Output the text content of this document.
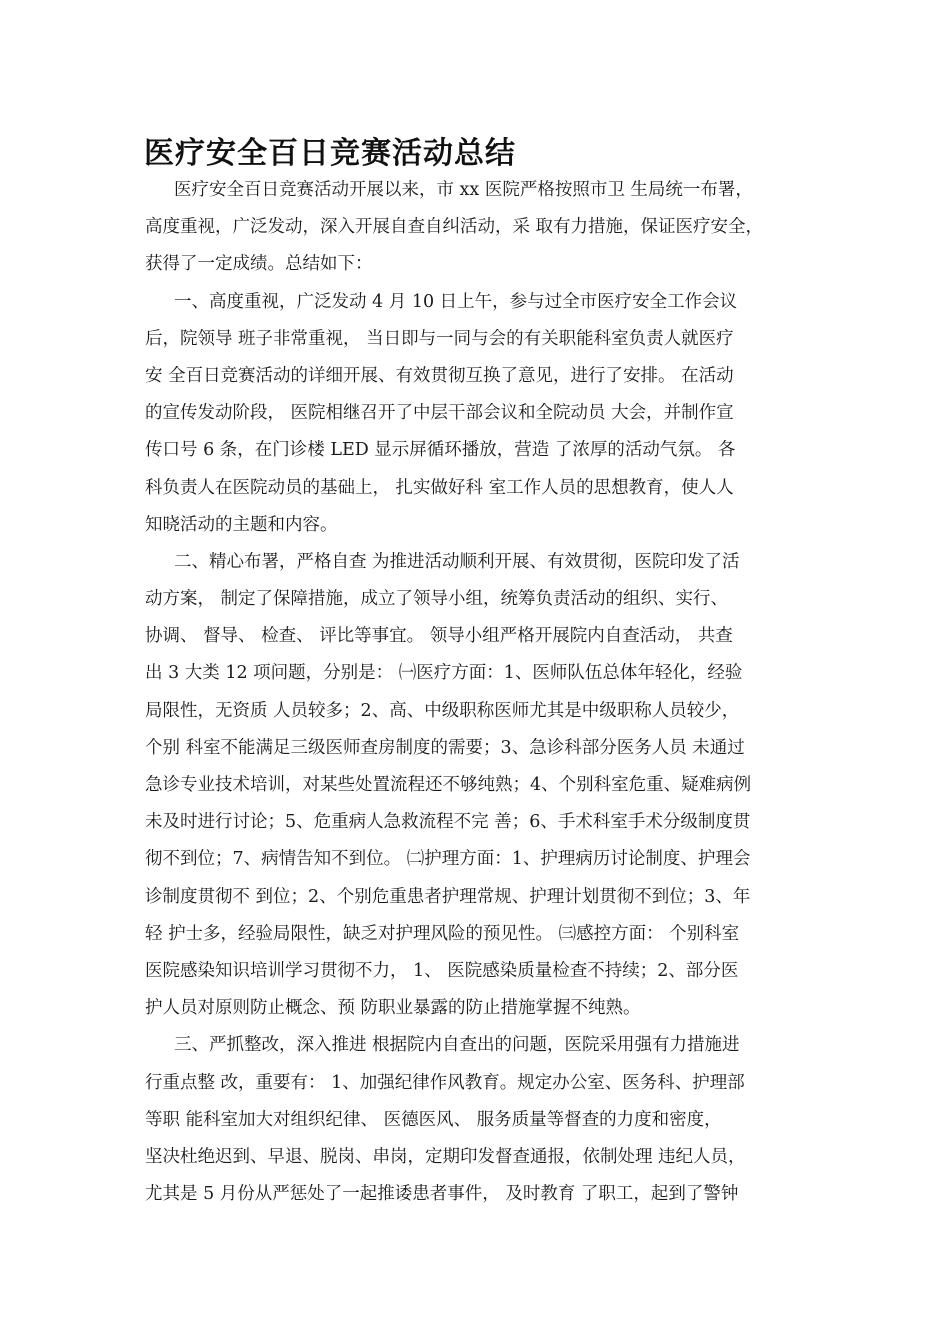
医疗安全百日竞赛活动总结
医疗安全百日竞赛活动开展以来，市 xx 医院严格按照市卫 生局统一布署，
高度重视，广泛发动，深入开展自查自纠活动，采 取有力措施，保证医疗安全，
获得了一定成绩。总结如下：
一、高度重视，广泛发动 4 月 10 日上午，参与过全市医疗安全工作会议
后，院领导 班子非常重视， 当日即与一同与会的有关职能科室负责人就医疗
安 全百日竞赛活动的详细开展、有效贯彻互换了意见，进行了安排。 在活动
的宣传发动阶段， 医院相继召开了中层干部会议和全院动员 大会，并制作宣
传口号 6 条，在门诊楼 LED 显示屏循环播放，营造 了浓厚的活动气氛。 各
科负责人在医院动员的基础上， 扎实做好科 室工作人员的思想教育，使人人
知晓活动的主题和内容。
二、精心布署，严格自查 为推进活动顺利开展、有效贯彻，医院印发了活
动方案， 制定了保障措施，成立了领导小组，统筹负责活动的组织、实行、
协调、 督导、 检查、 评比等事宜。 领导小组严格开展院内自查活动， 共查
出 3 大类 12 项问题，分别是： ㈠医疗方面：1、医师队伍总体年轻化，经验
局限性，无资质 人员较多；2、高、中级职称医师尤其是中级职称人员较少，
个别 科室不能满足三级医师查房制度的需要；3、急诊科部分医务人员 未通过
急诊专业技术培训，对某些处置流程还不够纯熟；4、个别科室危重、疑难病例
未及时进行讨论；5、危重病人急救流程不完 善；6、手术科室手术分级制度贯
彻不到位；7、病情告知不到位。 ㈡护理方面：1、护理病历讨论制度、护理会
诊制度贯彻不 到位；2、个别危重患者护理常规、护理计划贯彻不到位；3、年
轻 护士多，经验局限性，缺乏对护理风险的预见性。 ㈢感控方面： 个别科室
医院感染知识培训学习贯彻不力， 1、 医院感染质量检查不持续；2、部分医
护人员对原则防止概念、预 防职业暴露的防止措施掌握不纯熟。
三、严抓整改，深入推进 根据院内自查出的问题，医院采用强有力措施进
行重点整 改，重要有： 1、加强纪律作风教育。规定办公室、医务科、护理部
等职 能科室加大对组织纪律、 医德医风、 服务质量等督查的力度和密度，
坚决杜绝迟到、早退、脱岗、串岗，定期印发督查通报，依制处理 违纪人员，
尤其是 5 月份从严惩处了一起推诿患者事件， 及时教育 了职工，起到了警钟
